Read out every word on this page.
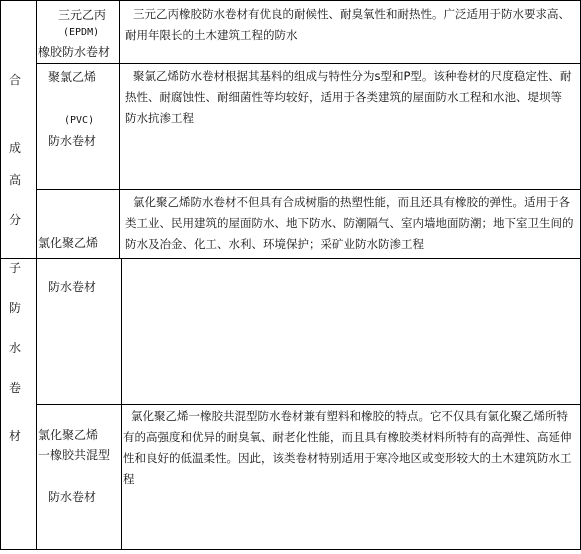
合
成
高
分
子
防
水
卷
材
三元乙丙
(EPDM)
橡胶防水卷材
三元乙丙橡胶防水卷材有优良的耐候性、耐臭氧性和耐热性。广泛适用于防水要求高、耐用年限长的土木建筑工程的防水
聚氯乙烯
(PVC)
防水卷材
聚氯乙烯防水卷材根据其基料的组成与特性分为s型和P型。该种卷材的尺度稳定性、耐热性、耐腐蚀性、耐细菌性等均较好，适用于各类建筑的屋面防水工程和水池、堤坝等防水抗渗工程
氯化聚乙烯
防水卷材
氯化聚乙烯防水卷材不但具有合成树脂的热塑性能，而且还具有橡胶的弹性。适用于各类工业、民用建筑的屋面防水、地下防水、防潮隔气、室内墙地面防潮；地下室卫生间的防水及冶金、化工、水利、环境保护；采矿业防水防渗工程
氯化聚乙烯
一橡胶共混型
防水卷材
氯化聚乙烯一橡胶共混型防水卷材兼有塑料和橡胶的特点。它不仅具有氯化聚乙烯所特有的高强度和优异的耐臭氧、耐老化性能，而且具有橡胶类材料所特有的高弹性、高延伸性和良好的低温柔性。因此，该类卷材特别适用于寒冷地区或变形较大的土木建筑防水工程
